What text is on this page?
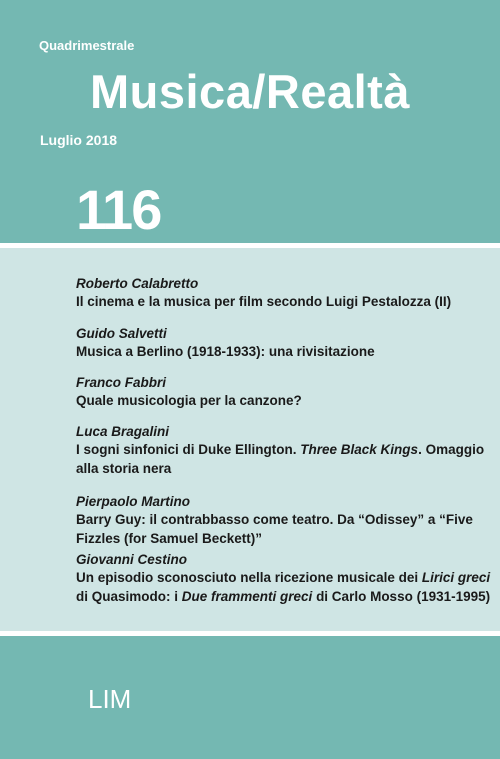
Quadrimestrale
Musica/Realtà
Luglio 2018
116
Roberto Calabretto
Il cinema e la musica per film secondo Luigi Pestalozza (II)
Guido Salvetti
Musica a Berlino (1918-1933): una rivisitazione
Franco Fabbri
Quale musicologia per la canzone?
Luca Bragalini
I sogni sinfonici di Duke Ellington. Three Black Kings. Omaggio
alla storia nera
Pierpaolo Martino
Barry Guy: il contrabbasso come teatro. Da “Odissey” a “Five
Fizzles (for Samuel Beckett)”
Giovanni Cestino
Un episodio sconosciuto nella ricezione musicale dei Lirici greci
di Quasimodo: i Due frammenti greci di Carlo Mosso (1931-1995)
LIM
